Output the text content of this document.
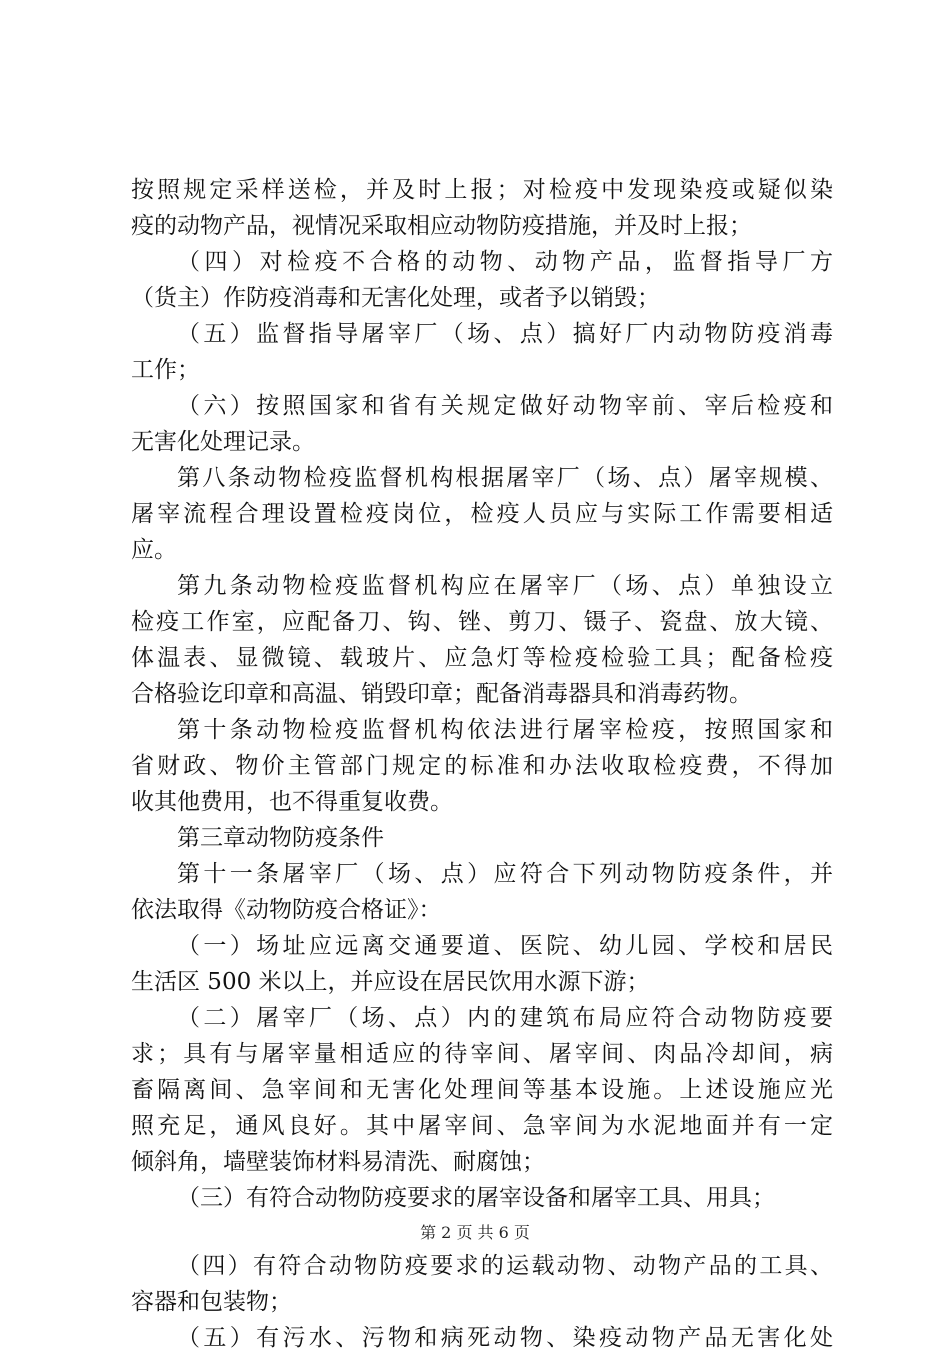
按照规定采样送检，并及时上报；对检疫中发现染疫或疑似染
疫的动物产品，视情况采取相应动物防疫措施，并及时上报；
（四）对检疫不合格的动物、动物产品，监督指导厂方
（货主）作防疫消毒和无害化处理，或者予以销毁；
（五）监督指导屠宰厂（场、点）搞好厂内动物防疫消毒
工作；
（六）按照国家和省有关规定做好动物宰前、宰后检疫和
无害化处理记录。
第八条动物检疫监督机构根据屠宰厂（场、点）屠宰规模、
屠宰流程合理设置检疫岗位，检疫人员应与实际工作需要相适
应。
第九条动物检疫监督机构应在屠宰厂（场、点）单独设立
检疫工作室，应配备刀、钩、锉、剪刀、镊子、瓷盘、放大镜、
体温表、显微镜、载玻片、应急灯等检疫检验工具；配备检疫
合格验讫印章和高温、销毁印章；配备消毒器具和消毒药物。
第十条动物检疫监督机构依法进行屠宰检疫，按照国家和
省财政、物价主管部门规定的标准和办法收取检疫费，不得加
收其他费用，也不得重复收费。
第三章动物防疫条件
第十一条屠宰厂（场、点）应符合下列动物防疫条件，并
依法取得《动物防疫合格证》：
（一）场址应远离交通要道、医院、幼儿园、学校和居民
生活区 500 米以上，并应设在居民饮用水源下游；
（二）屠宰厂（场、点）内的建筑布局应符合动物防疫要
求；具有与屠宰量相适应的待宰间、屠宰间、肉品冷却间，病
畜隔离间、急宰间和无害化处理间等基本设施。上述设施应光
照充足，通风良好。其中屠宰间、急宰间为水泥地面并有一定
倾斜角，墙壁装饰材料易清洗、耐腐蚀；
（三）有符合动物防疫要求的屠宰设备和屠宰工具、用具；
（四）有符合动物防疫要求的运载动物、动物产品的工具、
容器和包装物；
（五）有污水、污物和病死动物、染疫动物产品无害化处
第 2 页 共 6 页
